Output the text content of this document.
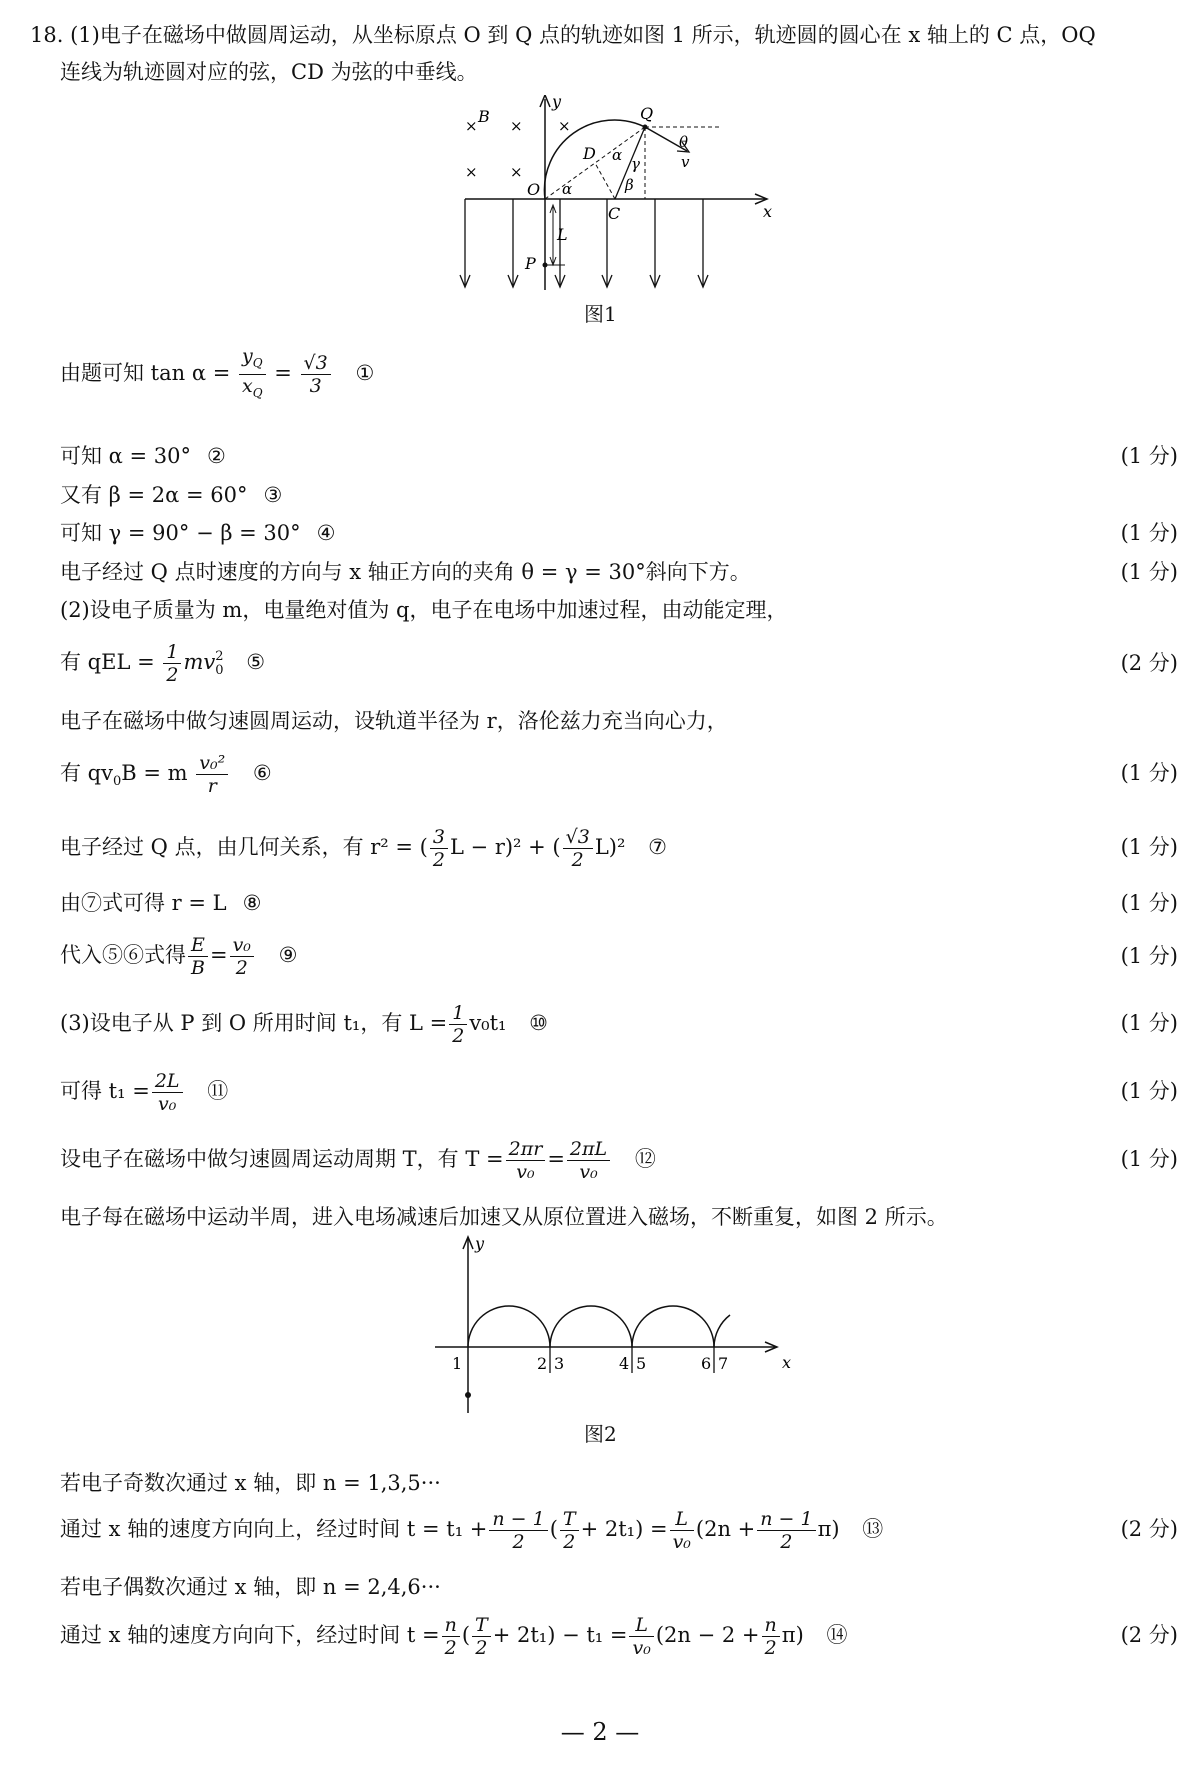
18. (1)电子在磁场中做圆周运动，从坐标原点 O 到 Q 点的轨迹如图 1 所示，轨迹圆的圆心在 x 轴上的 C 点，OQ
连线为轨迹圆对应的弦，CD 为弦的中垂线。
x
y
× × ×
× ×
B
L
P
Q
D
O
C
v
θ
α γ
β
α
图1
由题可知 $\tan \alpha = \frac{y_Q}{x_Q} = \frac{√3}{3}$ ①
可知 α = 30° ②	(1 分)
又有 β = 2α = 60° ③
可知 γ = 90° − β = 30° ④	(1 分)
电子经过 Q 点时速度的方向与 x 轴正方向的夹角 θ = γ = 30°斜向下方。	(1 分)
(2)设电子质量为 m，电量绝对值为 q，电子在电场中加速过程，由动能定理，
有 qEL = $\frac{1}{2}$ mv 2
0 ⑤	(2 分)
电子在磁场中做匀速圆周运动，设轨道半径为 r，洛伦兹力充当向心力，
有 $qv_0B = m \frac{\text{v₀²}}{r}$ ⑥	(1 分)
电子经过 Q 点，由几何关系，有 r² = ( $\frac{3}{2}$ L − r)² + ( $\frac{√3}{2} L)^2$ ⑦	(1 分)
由⑦式可得 r = L ⑧	(1 分)
代入⑤⑥式得 $\frac{E}{B} = \frac{\text{v₀}}{2}$ ⑨	(1 分)
(3)设电子从 P 到 O 所用时间 t₁，有 $L = \frac{1}{2} v_0t_1$ ⑩	(1 分)
可得 $t_1 = \frac{2L}{\text{v₀}}$ ⑪	(1 分)
设电子在磁场中做匀速圆周运动周期 T，有 $T = \frac{2\pi r}{\text{v₀}} = \frac{2\pi L}{\text{v₀}}$ ⑫	(1 分)
电子每在磁场中运动半周，进入电场减速后加速又从原位置进入磁场，不断重复，如图 2 所示。
x
y
1	2 3	4 5	6 7
图2
若电子奇数次通过 x 轴，即 n = 1,3,5···
通过 x 轴的速度方向向上，经过时间 $t = t_1 + \frac{n - 1}{2}$ ( $\frac{T}{2} + 2t_1) = \frac{L}{\text{v₀}} (2n + \frac{n - 1}{2} \pi)$ ⑬	(2 分)
若电子偶数次通过 x 轴，即 n = 2,4,6···
通过 x 轴的速度方向向下，经过时间 $t = \frac{n}{2}$ ( $\frac{T}{2} + 2t_1) - t_1 = \frac{L}{\text{v₀}} (2n - 2 + \frac{n}{2} \pi)$ ⑭	(2 分)
— 2 —
